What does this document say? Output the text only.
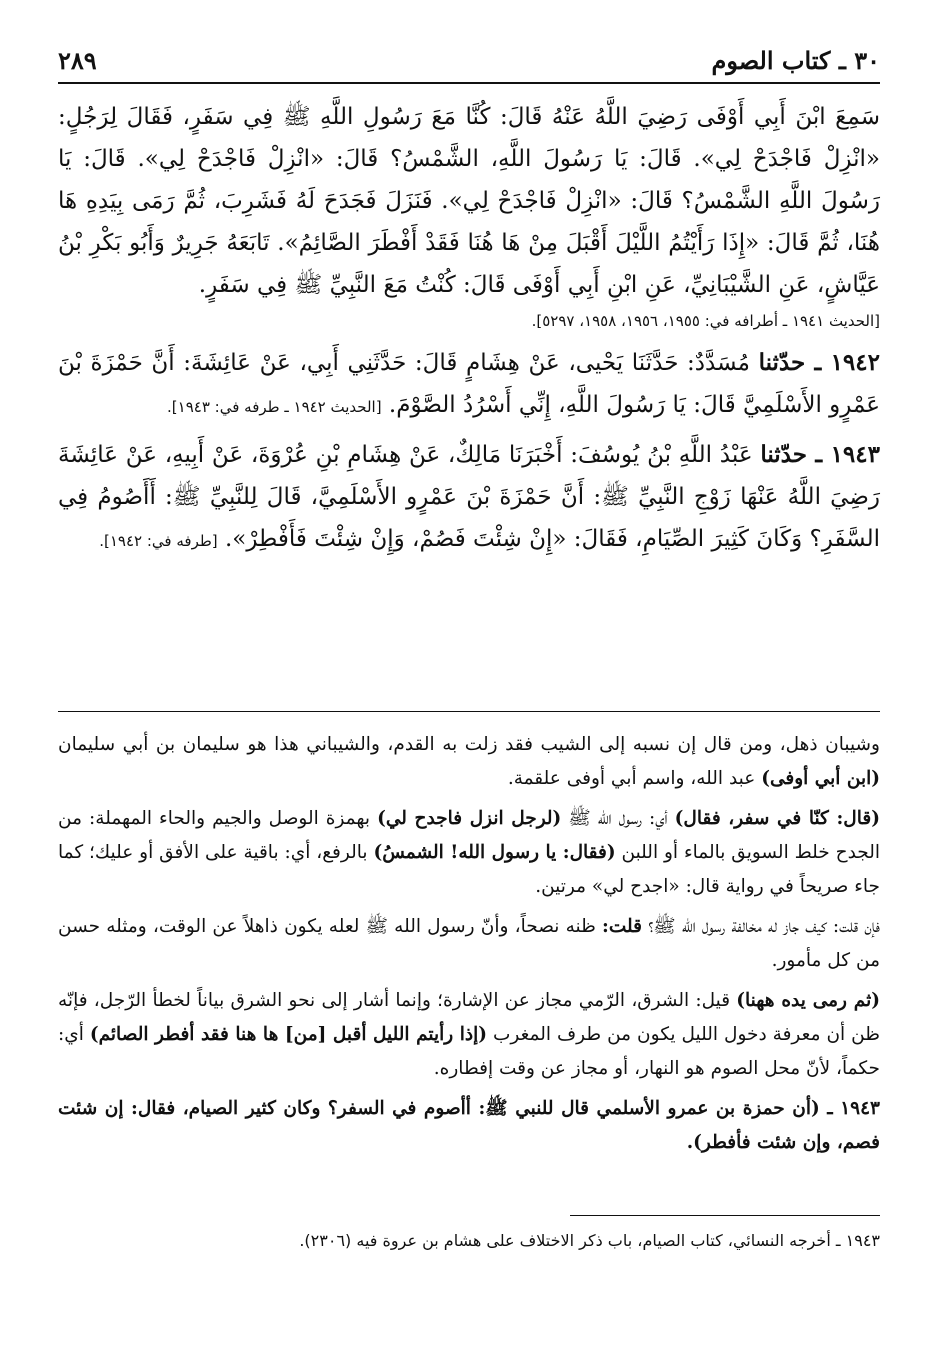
٣٠ ـ كتاب الصوم
٢٨٩

سَمِعَ ابْنَ أَبِي أَوْفَى رَضِيَ اللَّهُ عَنْهُ قَالَ: كُنَّا مَعَ رَسُولِ اللَّهِ ﷺ فِي سَفَرٍ، فَقَالَ لِرَجُلٍ: «انْزِلْ فَاجْدَحْ لِي». قَالَ: يَا رَسُولَ اللَّهِ، الشَّمْسُ؟ قَالَ: «انْزِلْ فَاجْدَحْ لِي». قَالَ: يَا رَسُولَ اللَّهِ الشَّمْسُ؟ قَالَ: «انْزِلْ فَاجْدَحْ لِي». فَنَزَلَ فَجَدَحَ لَهُ فَشَرِبَ، ثُمَّ رَمَى بِيَدِهِ هَا هُنَا، ثُمَّ قَالَ: «إِذَا رَأَيْتُمُ اللَّيْلَ أَقْبَلَ مِنْ هَا هُنَا فَقَدْ أَفْطَرَ الصَّائِمُ». تَابَعَهُ جَرِيرٌ وَأَبُو بَكْرِ بْنُ عَيَّاشٍ، عَنِ الشَّيْبَانِيِّ، عَنِ ابْنِ أَبِي أَوْفَى قَالَ: كُنْتُ مَعَ النَّبِيِّ ﷺ فِي سَفَرٍ.

[الحديث ١٩٤١ ـ أطرافه في: ١٩٥٥، ١٩٥٦، ١٩٥٨، ٥٢٩٧].

١٩٤٢ ـ حدّثنا مُسَدَّدٌ: حَدَّثَنَا يَحْيى، عَنْ هِشَامٍ قَالَ: حَدَّثَنِي أَبِي، عَنْ عَائِشَةَ: أَنَّ حَمْزَةَ بْنَ عَمْرٍو الأَسْلَمِيَّ قَالَ: يَا رَسُولَ اللَّهِ، إِنِّي أَسْرُدُ الصَّوْمَ. [الحديث ١٩٤٢ ـ طرفه في: ١٩٤٣].

١٩٤٣ ـ حدّثنا عَبْدُ اللَّهِ بْنُ يُوسُفَ: أَخْبَرَنَا مَالِكٌ، عَنْ هِشَامِ بْنِ عُرْوَةَ، عَنْ أَبِيهِ، عَنْ عَائِشَةَ رَضِيَ اللَّهُ عَنْهَا زَوْجِ النَّبِيِّ ﷺ: أَنَّ حَمْزَةَ بْنَ عَمْرٍو الأَسْلَمِيَّ، قَالَ لِلنَّبِيِّ ﷺ: أَأَصُومُ فِي السَّفَرِ؟ وَكَانَ كَثِيرَ الصِّيَامِ، فَقَالَ: «إِنْ شِئْتَ فَصُمْ، وَإِنْ شِئْتَ فَأَفْطِرْ». [طرفه في: ١٩٤٢].

وشيبان ذهل، ومن قال إن نسبه إلى الشيب فقد زلت به القدم، والشيباني هذا هو سليمان بن أبي سليمان (ابن أبي أوفى) عبد الله، واسم أبي أوفى علقمة.

(قال: كنّا في سفر، فقال) أي: رسول الله ﷺ (لرجل انزل فاجدح لي) بهمزة الوصل والجيم والحاء المهملة: من الجدح خلط السويق بالماء أو اللبن (فقال: يا رسول الله! الشمسُ) بالرفع، أي: باقية على الأفق أو عليك؛ كما جاء صريحاً في رواية قال: «اجدح لي» مرتين.

فإن قلت: كيف جاز له مخالفة رسول الله ﷺ؟ قلت: ظنه نصحاً، وأنّ رسول الله ﷺ لعله يكون ذاهلاً عن الوقت، ومثله حسن من كل مأمور.

(ثم رمى يده ههنا) قيل: الشرق، الرّمي مجاز عن الإشارة؛ وإنما أشار إلى نحو الشرق بياناً لخطأ الرّجل، فإنّه ظن أن معرفة دخول الليل يكون من طرف المغرب (إذا رأيتم الليل أقبل [من] ها هنا فقد أفطر الصائم) أي: حكماً، لأنّ محل الصوم هو النهار، أو مجاز عن وقت إفطاره.

١٩٤٣ ـ (أن حمزة بن عمرو الأسلمي قال للنبي ﷺ: أأصوم في السفر؟ وكان كثير الصيام، فقال: إن شئت فصم، وإن شئت فأفطر).

١٩٤٣ ـ أخرجه النسائي، كتاب الصيام، باب ذكر الاختلاف على هشام بن عروة فيه (٢٣٠٦).
